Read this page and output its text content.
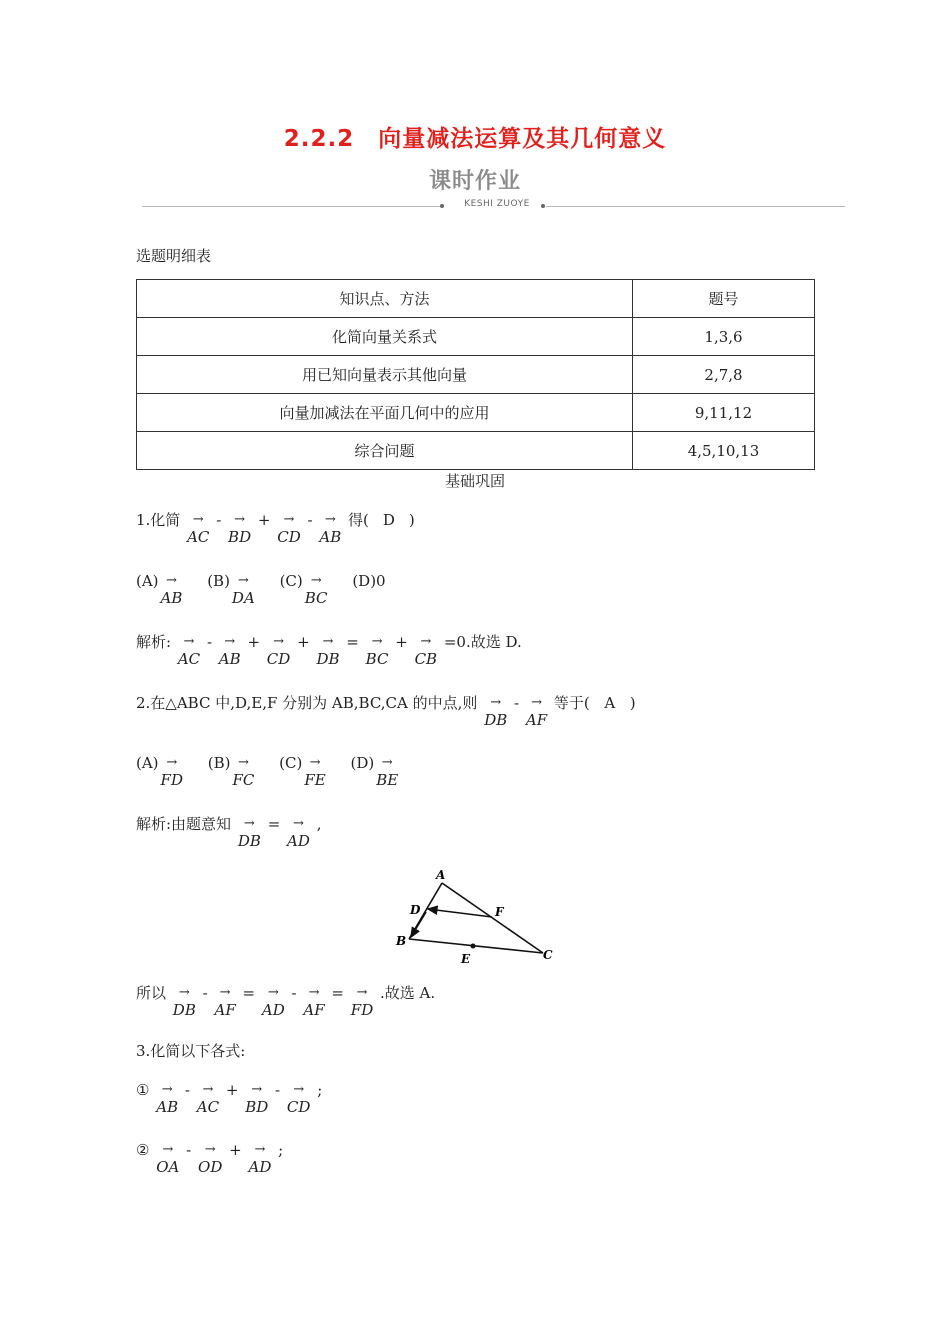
2.2.2　向量减法运算及其几何意义
课时作业
KESHI ZUOYE
选题明细表
知识点、方法	题号
化简向量关系式	1,3,6
用已知向量表示其他向量	2,7,8
向量加减法在平面几何中的应用	9,11,12
综合问题	4,5,10,13
基础巩固
1.化简 →
AC
- →
BD
+	→
CD
- →
AB
得( D )
(A) →
AB
(B) →
DA
(C) →
BC
(D)0
解析: →
AC
- →
AB
+	→
CD
+ →
DB
= →
BC
+ →
CB
=0.故选 D.
2.在△ABC 中,D,E,F 分别为 AB,BC,CA 的中点,则 →
DB
- →
AF
等于( A )
(A) →
FD
(B) →
FC
(C) →
FE
(D) →
BE
解析:由题意知 →
DB
= →
AD
,
A
D	F
B
E	C
所以 →
DB
- →
AF
= →
AD
- →
AF
= →
FD
.故选 A.
3.化简以下各式:
① →
AB
- →
AC
+ →
BD
-	→
CD
;
② →
OA
-	→
OD
+ →
AD
;
